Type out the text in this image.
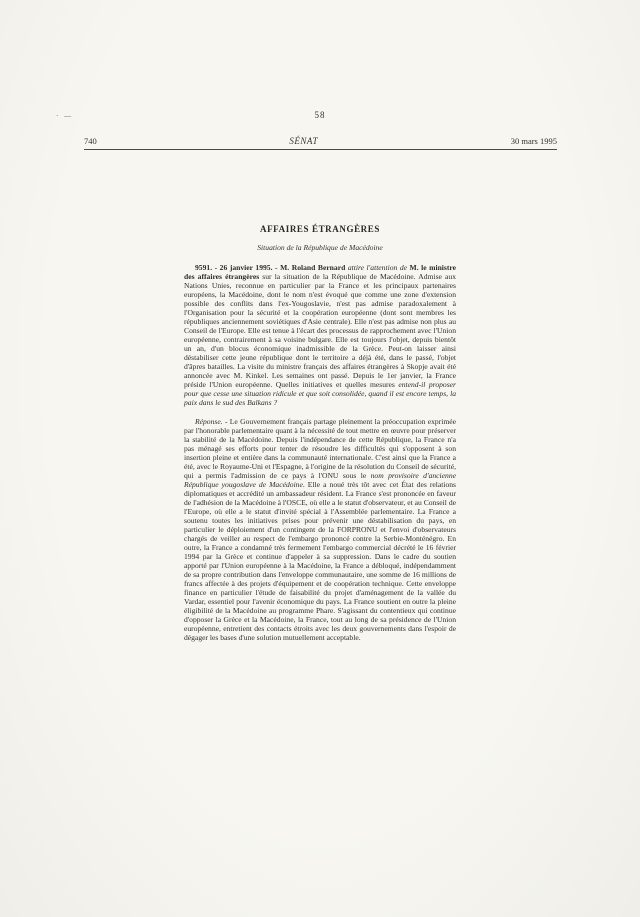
58
· —
740	SÉNAT	30 mars 1995
AFFAIRES ÉTRANGÈRES
Situation de la République de Macédoine

9591. - 26 janvier 1995. - M. Roland Bernard attire l'attention de M. le ministre des affaires étrangères sur la situation de la République de Macédoine. Admise aux Nations Unies, reconnue en particulier par la France et les principaux partenaires européens, la Macédoine, dont le nom n'est évoqué que comme une zone d'extension possible des conflits dans l'ex-Yougoslavie, n'est pas admise paradoxalement à l'Organisation pour la sécurité et la coopération européenne (dont sont membres les républiques anciennement soviétiques d'Asie centrale). Elle n'est pas admise non plus au Conseil de l'Europe. Elle est tenue à l'écart des processus de rapprochement avec l'Union européenne, contrairement à sa voisine bulgare. Elle est toujours l'objet, depuis bientôt un an, d'un blocus économique inadmissible de la Grèce. Peut-on laisser ainsi déstabiliser cette jeune république dont le territoire a déjà été, dans le passé, l'objet d'âpres batailles. La visite du ministre français des affaires étrangères à Skopje avait été annoncée avec M. Kinkel. Les semaines ont passé. Depuis le 1er janvier, la France préside l'Union européenne. Quelles initiatives et quelles mesures entend-il proposer pour que cesse une situation ridicule et que soit consolidée, quand il est encore temps, la paix dans le sud des Balkans ?

Réponse. - Le Gouvernement français partage pleinement la préoccupation exprimée par l'honorable parlementaire quant à la nécessité de tout mettre en œuvre pour préserver la stabilité de la Macédoine. Depuis l'indépendance de cette République, la France n'a pas ménagé ses efforts pour tenter de résoudre les difficultés qui s'opposent à son insertion pleine et entière dans la communauté internationale. C'est ainsi que la France a été, avec le Royaume-Uni et l'Espagne, à l'origine de la résolution du Conseil de sécurité, qui a permis l'admission de ce pays à l'ONU sous le nom provisoire d'ancienne République yougoslave de Macédoine. Elle a noué très tôt avec cet État des relations diplomatiques et accrédité un ambassadeur résident. La France s'est prononcée en faveur de l'adhésion de la Macédoine à l'OSCE, où elle a le statut d'observateur, et au Conseil de l'Europe, où elle a le statut d'invité spécial à l'Assemblée parlementaire. La France a soutenu toutes les initiatives prises pour prévenir une déstabilisation du pays, en particulier le déploiement d'un contingent de la FORPRONU et l'envoi d'observateurs chargés de veiller au respect de l'embargo prononcé contre la Serbie-Monténégro. En outre, la France a condamné très fermement l'embargo commercial décrété le 16 février 1994 par la Grèce et continue d'appeler à sa suppression. Dans le cadre du soutien apporté par l'Union européenne à la Macédoine, la France a débloqué, indépendamment de sa propre contribution dans l'enveloppe communautaire, une somme de 16 millions de francs affectée à des projets d'équipement et de coopération technique. Cette enveloppe finance en particulier l'étude de faisabilité du projet d'aménagement de la vallée du Vardar, essentiel pour l'avenir économique du pays. La France soutient en outre la pleine éligibilité de la Macédoine au programme Phare. S'agissant du contentieux qui continue d'opposer la Grèce et la Macédoine, la France, tout au long de sa présidence de l'Union européenne, entretient des contacts étroits avec les deux gouvernements dans l'espoir de dégager les bases d'une solution mutuellement acceptable.
